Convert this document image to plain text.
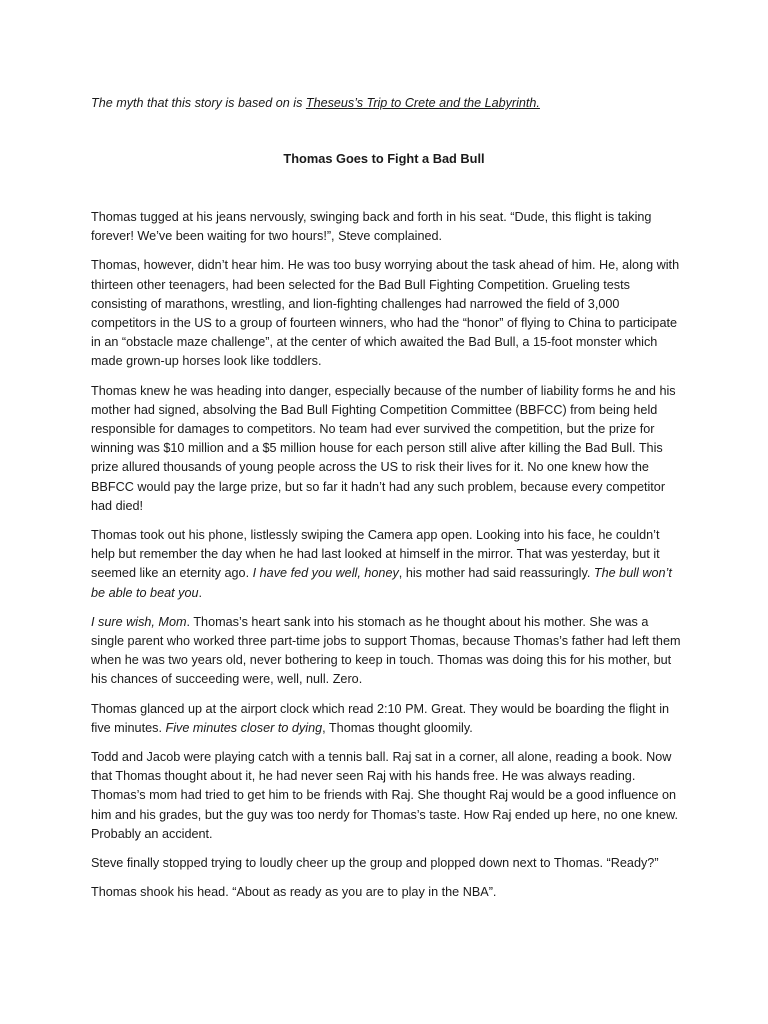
The myth that this story is based on is Theseus’s Trip to Crete and the Labyrinth.

Thomas Goes to Fight a Bad Bull

Thomas tugged at his jeans nervously, swinging back and forth in his seat. “Dude, this flight is taking forever! We’ve been waiting for two hours!”, Steve complained.

Thomas, however, didn’t hear him. He was too busy worrying about the task ahead of him. He, along with thirteen other teenagers, had been selected for the Bad Bull Fighting Competition. Grueling tests consisting of marathons, wrestling, and lion-fighting challenges had narrowed the field of 3,000 competitors in the US to a group of fourteen winners, who had the “honor” of flying to China to participate in an “obstacle maze challenge”, at the center of which awaited the Bad Bull, a 15-foot monster which made grown-up horses look like toddlers.

Thomas knew he was heading into danger, especially because of the number of liability forms he and his mother had signed, absolving the Bad Bull Fighting Competition Committee (BBFCC) from being held responsible for damages to competitors. No team had ever survived the competition, but the prize for winning was $10 million and a $5 million house for each person still alive after killing the Bad Bull. This prize allured thousands of young people across the US to risk their lives for it. No one knew how the BBFCC would pay the large prize, but so far it hadn’t had any such problem, because every competitor had died!

Thomas took out his phone, listlessly swiping the Camera app open. Looking into his face, he couldn’t help but remember the day when he had last looked at himself in the mirror. That was yesterday, but it seemed like an eternity ago. I have fed you well, honey, his mother had said reassuringly. The bull won’t be able to beat you.

I sure wish, Mom. Thomas’s heart sank into his stomach as he thought about his mother. She was a single parent who worked three part-time jobs to support Thomas, because Thomas’s father had left them when he was two years old, never bothering to keep in touch. Thomas was doing this for his mother, but his chances of succeeding were, well, null. Zero.

Thomas glanced up at the airport clock which read 2:10 PM. Great. They would be boarding the flight in five minutes. Five minutes closer to dying, Thomas thought gloomily.

Todd and Jacob were playing catch with a tennis ball. Raj sat in a corner, all alone, reading a book. Now that Thomas thought about it, he had never seen Raj with his hands free. He was always reading. Thomas’s mom had tried to get him to be friends with Raj. She thought Raj would be a good influence on him and his grades, but the guy was too nerdy for Thomas’s taste. How Raj ended up here, no one knew. Probably an accident.

Steve finally stopped trying to loudly cheer up the group and plopped down next to Thomas. “Ready?”

Thomas shook his head. “About as ready as you are to play in the NBA”.
